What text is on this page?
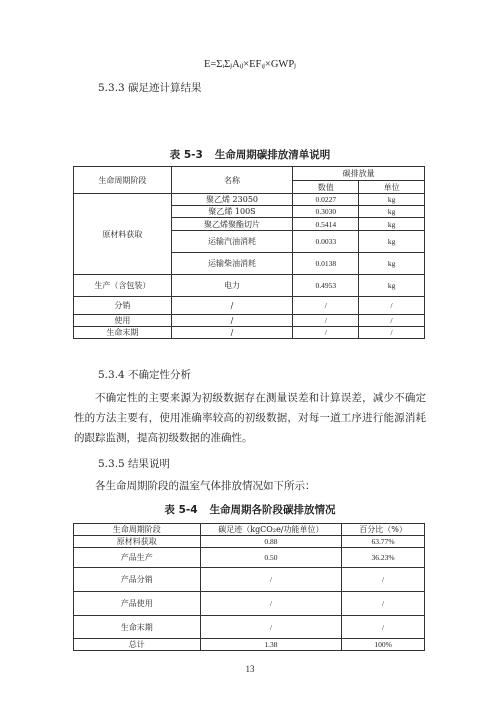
E=ΣᵢΣⱼAᵢⱼ×EFᵢⱼ×GWPⱼ
5.3.3 碳足迹计算结果
表 5-3 生命周期碳排放清单说明
生命周期阶段	名称	碳排放量	
		数值	单位
原材料获取	聚乙烯 23050	0.0227	kg
	聚乙烯 100S	0.3030	kg
	聚乙烯聚酯切片	0.5414	kg
	运输汽油消耗	0.0033	kg
	运输柴油消耗	0.0138	kg
生产（含包装）	电力	0.4953	kg
分销	/	/	/
使用	/	/	/
生命末期	/	/	/
5.3.4 不确定性分析
不确定性的主要来源为初级数据存在测量误差和计算误差，减少不确定性的方法主要有，使用准确率较高的初级数据，对每一道工序进行能源消耗的跟踪监测，提高初级数据的准确性。
5.3.5 结果说明
各生命周期阶段的温室气体排放情况如下所示：
表 5-4 生命周期各阶段碳排放情况
生命周期阶段	碳足迹（kgCO₂e/功能单位）	百分比（%）
原材料获取	0.88	63.77%
产品生产	0.50	36.23%
产品分销	/	/
产品使用	/	/
生命末期	/	/
总计	1.38	100%
13
